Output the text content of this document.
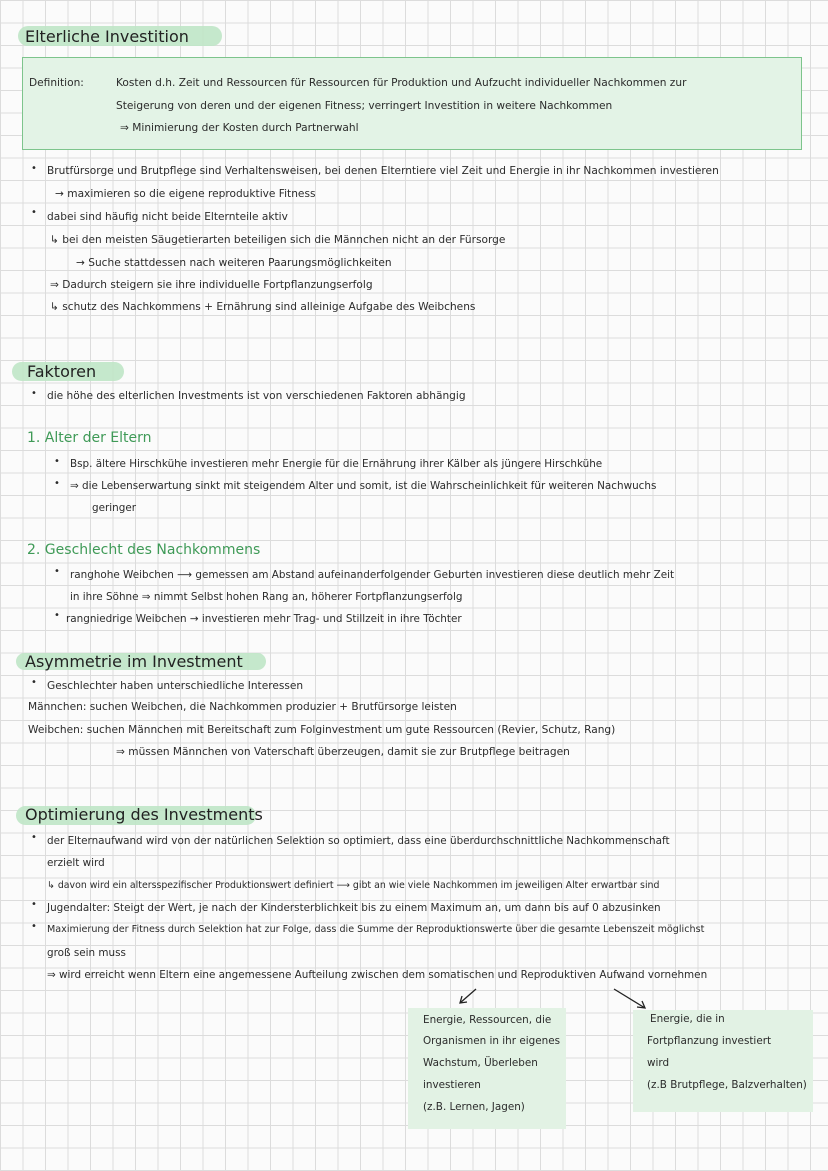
Elterliche Investition
Definition:	Kosten d.h. Zeit und Ressourcen für Ressourcen für Produktion und Aufzucht individueller Nachkommen zur
Steigerung von deren und der eigenen Fitness; verringert Investition in weitere Nachkommen
⇒ Minimierung der Kosten durch Partnerwahl
• Brutfürsorge und Brutpflege sind Verhaltensweisen, bei denen Elterntiere viel Zeit und Energie in ihr Nachkommen investieren
→ maximieren so die eigene reproduktive Fitness
• dabei sind häufig nicht beide Elternteile aktiv
↳ bei den meisten Säugetierarten beteiligen sich die Männchen nicht an der Fürsorge
→ Suche stattdessen nach weiteren Paarungsmöglichkeiten
⇒ Dadurch steigern sie ihre individuelle Fortpflanzungserfolg
↳ schutz des Nachkommens + Ernährung sind alleinige Aufgabe des Weibchens
Faktoren
• die höhe des elterlichen Investments ist von verschiedenen Faktoren abhängig
1. Alter der Eltern
• Bsp. ältere Hirschkühe investieren mehr Energie für die Ernährung ihrer Kälber als jüngere Hirschkühe
• ⇒ die Lebenserwartung sinkt mit steigendem Alter und somit, ist die Wahrscheinlichkeit für weiteren Nachwuchs
geringer
2. Geschlecht des Nachkommens
• ranghohe Weibchen ⟶ gemessen am Abstand aufeinanderfolgender Geburten investieren diese deutlich mehr Zeit
in ihre Söhne ⇒ nimmt Selbst hohen Rang an, höherer Fortpflanzungserfolg
• rangniedrige Weibchen → investieren mehr Trag- und Stillzeit in ihre Töchter
Asymmetrie im Investment
• Geschlechter haben unterschiedliche Interessen
Männchen: suchen Weibchen, die Nachkommen produzier + Brutfürsorge leisten
Weibchen: suchen Männchen mit Bereitschaft zum Folginvestment um gute Ressourcen (Revier, Schutz, Rang)
⇒ müssen Männchen von Vaterschaft überzeugen, damit sie zur Brutpflege beitragen
Optimierung des Investments
• der Elternaufwand wird von der natürlichen Selektion so optimiert, dass eine überdurchschnittliche Nachkommenschaft
erzielt wird
↳ davon wird ein altersspezifischer Produktionswert definiert ⟶ gibt an wie viele Nachkommen im jeweiligen Alter erwartbar sind
• Jugendalter: Steigt der Wert, je nach der Kindersterblichkeit bis zu einem Maximum an, um dann bis auf 0 abzusinken
• Maximierung der Fitness durch Selektion hat zur Folge, dass die Summe der Reproduktionswerte über die gesamte Lebenszeit möglichst
groß sein muss
⇒ wird erreicht wenn Eltern eine angemessene Aufteilung zwischen dem somatischen und Reproduktiven Aufwand vornehmen
Energie, Ressourcen, die
Organismen in ihr eigenes
Wachstum, Überleben
investieren
(z.B. Lernen, Jagen)
Energie, die in
Fortpflanzung investiert
wird
(z.B Brutpflege, Balzverhalten)
